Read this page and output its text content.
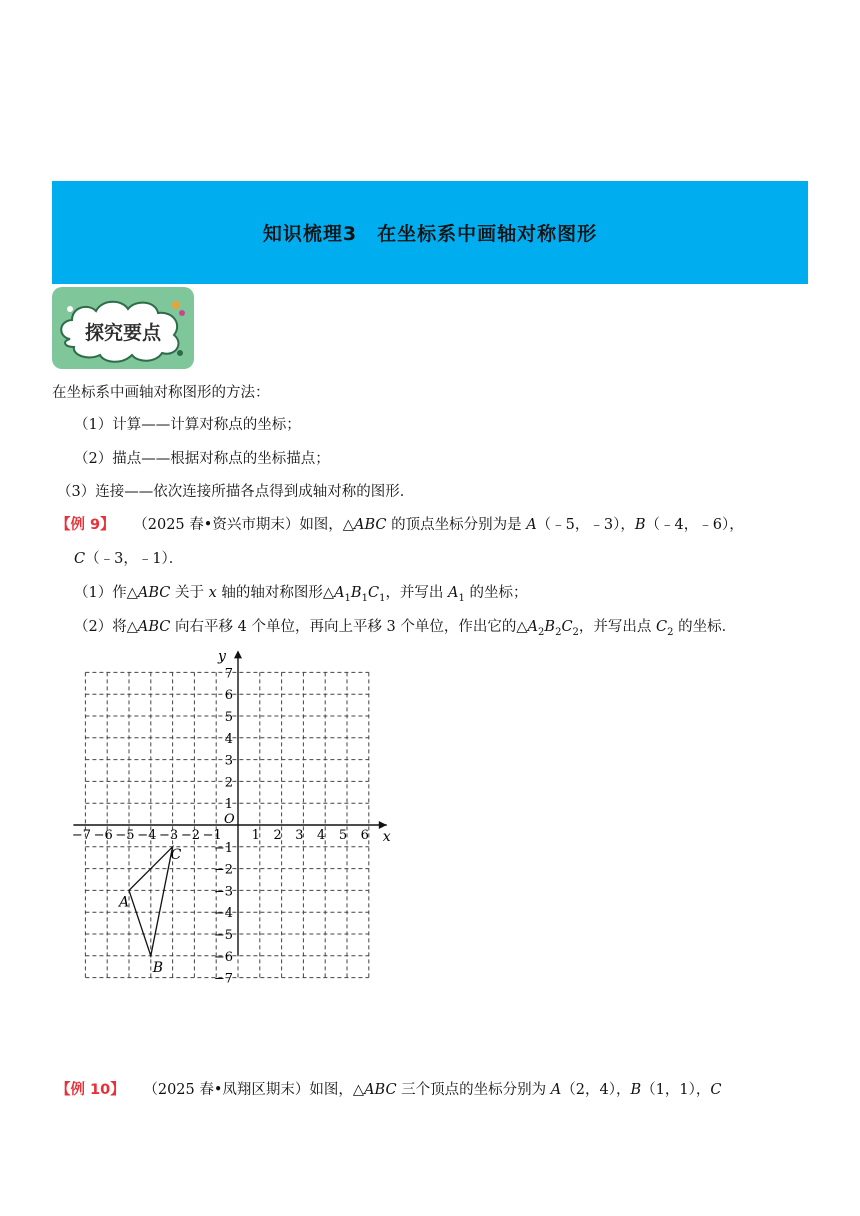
知识梳理3　在坐标系中画轴对称图形
探究要点
在坐标系中画轴对称图形的方法：
（1）计算——计算对称点的坐标；
（2）描点——根据对称点的坐标描点；
（3）连接——依次连接所描各点得到成轴对称的图形．
【例 9】 （2025 春•资兴市期末）如图，△ABC 的顶点坐标分别为是 A（﹣5，﹣3），B（﹣4，﹣6），
C（﹣3，﹣1）．
（1）作△ABC 关于 x 轴的轴对称图形$\triangle A_1B_1C_1$，并写出 $A_1$ 的坐标；
（2）将△ABC 向右平移 4 个单位，再向上平移 3 个单位，作出它的$\triangle A_2B_2C_2$，并写出点 $C_2$ 的坐标．
x
y
O
−7 −6 −5 −4 −3 −2 −1 1 2 3 4 5 6
7
6
5
4
3
2
1
−1
−2
−3
−4
−5
−6
−7
A
B
C
【例 10】 （2025 春•凤翔区期末）如图，△ABC 三个顶点的坐标分别为 A（2，4），B（1，1），C
